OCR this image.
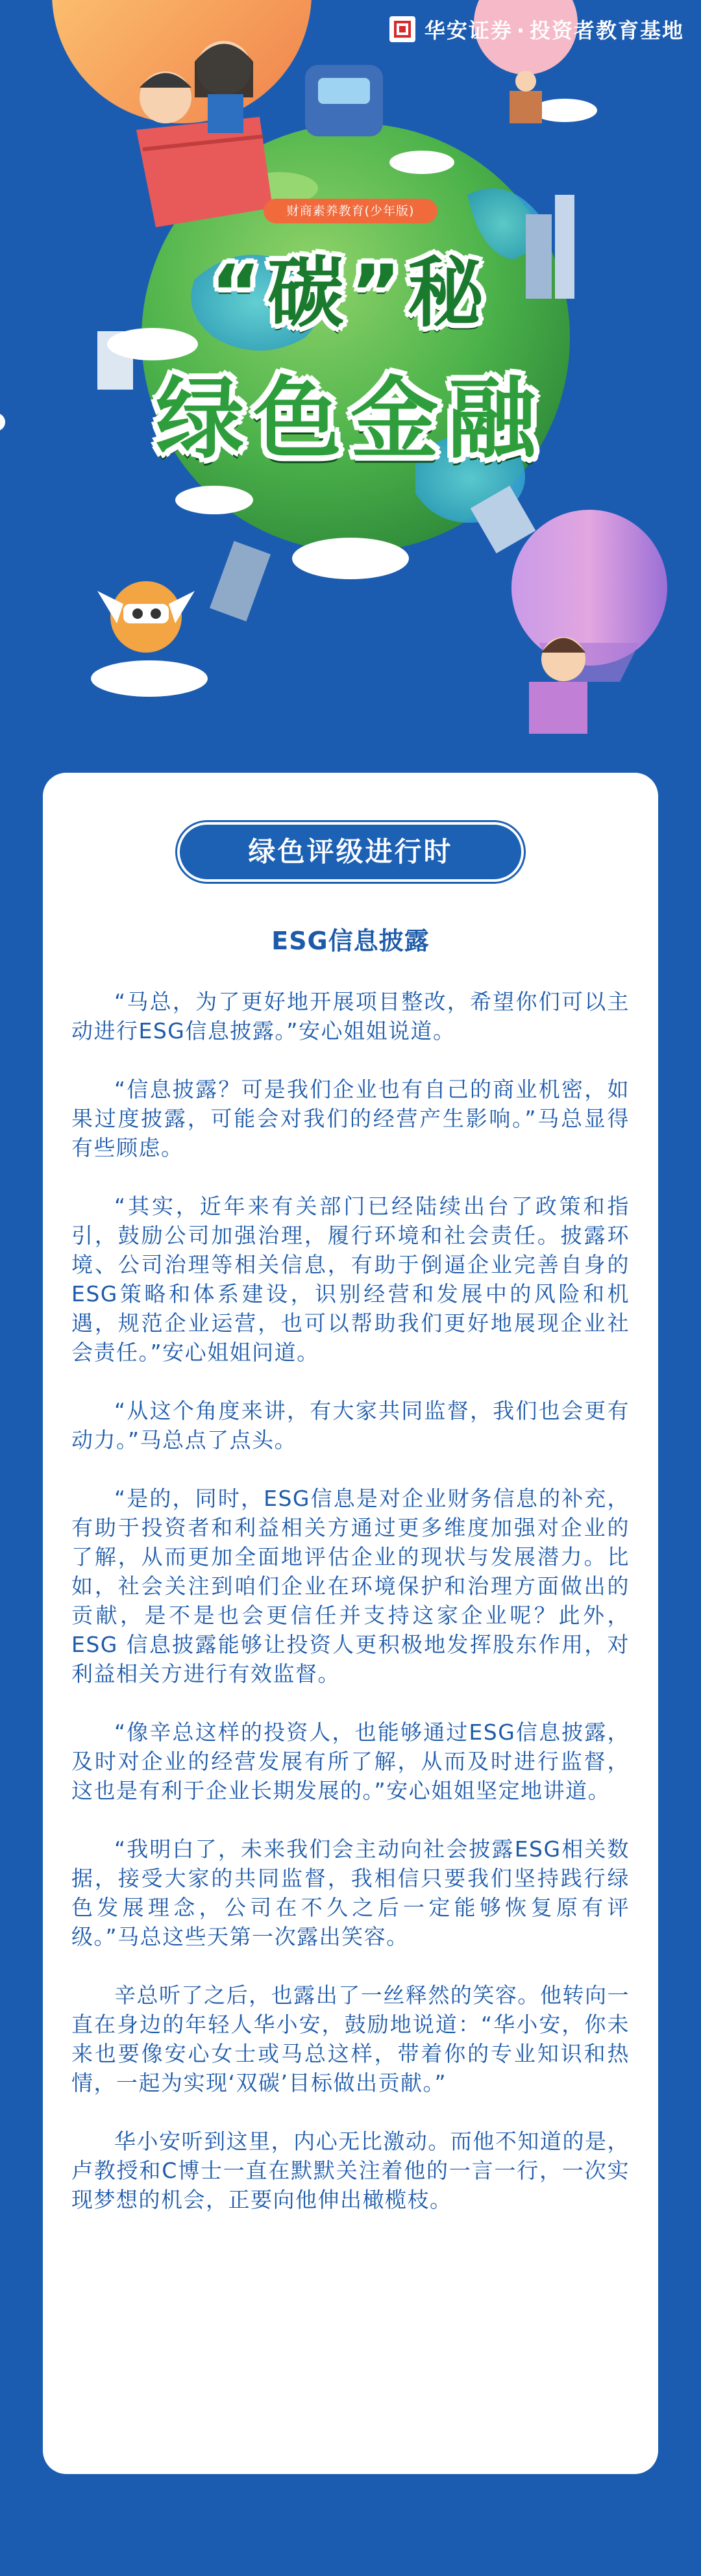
华安证券 · 投资者教育基地
财商素养教育(少年版)
“碳”秘
绿色金融
绿色评级进行时
ESG信息披露

“马总，为了更好地开展项目整改，希望你们可以主动进行ESG信息披露。”安心姐姐说道。

“信息披露？可是我们企业也有自己的商业机密，如果过度披露，可能会对我们的经营产生影响。”马总显得有些顾虑。

“其实，近年来有关部门已经陆续出台了政策和指引，鼓励公司加强治理，履行环境和社会责任。披露环境、公司治理等相关信息，有助于倒逼企业完善自身的ESG策略和体系建设，识别经营和发展中的风险和机遇，规范企业运营，也可以帮助我们更好地展现企业社会责任。”安心姐姐问道。

“从这个角度来讲，有大家共同监督，我们也会更有动力。”马总点了点头。

“是的，同时，ESG信息是对企业财务信息的补充，有助于投资者和利益相关方通过更多维度加强对企业的了解，从而更加全面地评估企业的现状与发展潜力。比如，社会关注到咱们企业在环境保护和治理方面做出的贡献，是不是也会更信任并支持这家企业呢？此外，ESG 信息披露能够让投资人更积极地发挥股东作用，对利益相关方进行有效监督。

“像辛总这样的投资人，也能够通过ESG信息披露，及时对企业的经营发展有所了解，从而及时进行监督，这也是有利于企业长期发展的。”安心姐姐坚定地讲道。

“我明白了，未来我们会主动向社会披露ESG相关数据，接受大家的共同监督，我相信只要我们坚持践行绿色发展理念，公司在不久之后一定能够恢复原有评级。”马总这些天第一次露出笑容。

辛总听了之后，也露出了一丝释然的笑容。他转向一直在身边的年轻人华小安，鼓励地说道：“华小安，你未来也要像安心女士或马总这样，带着你的专业知识和热情，一起为实现‘双碳’目标做出贡献。”

华小安听到这里，内心无比激动。而他不知道的是，卢教授和C博士一直在默默关注着他的一言一行，一次实现梦想的机会，正要向他伸出橄榄枝。
